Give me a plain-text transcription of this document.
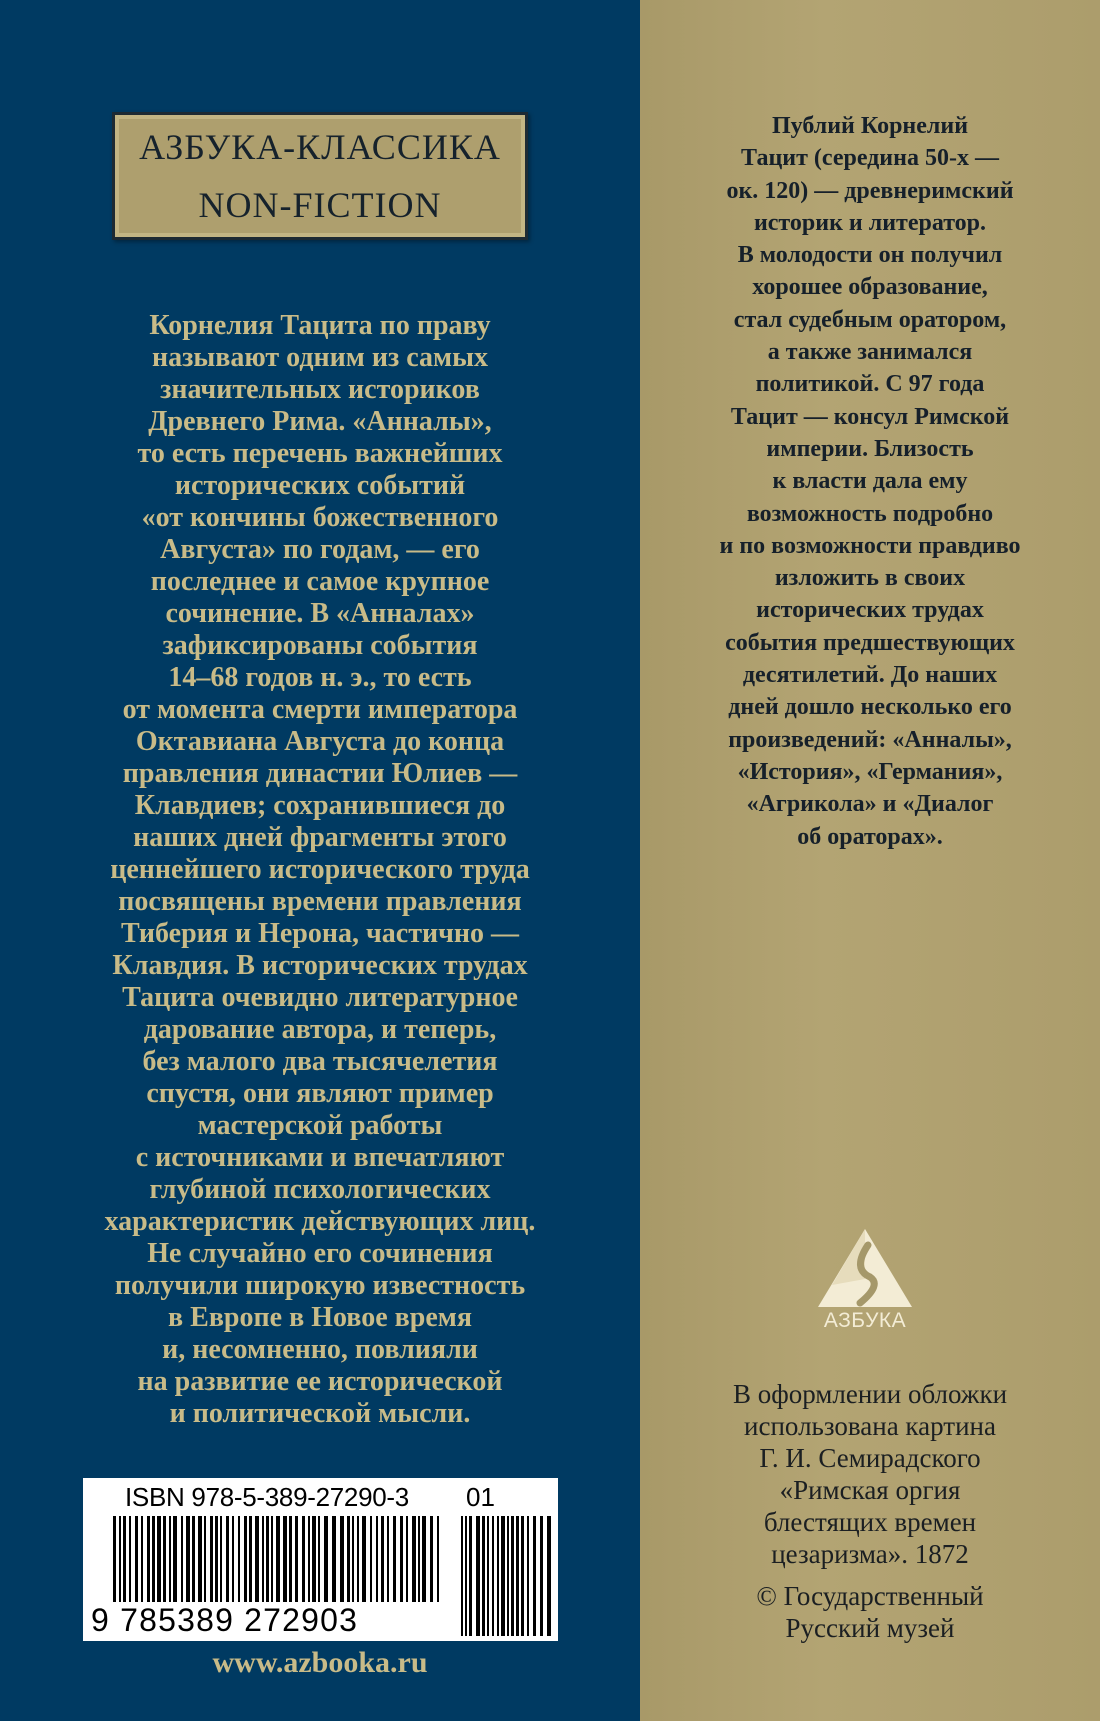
АЗБУКА-КЛАССИКА
NON-FICTION

Корнелия Тацита по праву
называют одним из самых
значительных историков
Древнего Рима. «Анналы»,
то есть перечень важнейших
исторических событий
«от кончины божественного
Августа» по годам, — его
последнее и самое крупное
сочинение. В «Анналах»
зафиксированы события
14–68 годов н. э., то есть
от момента смерти императора
Октавиана Августа до конца
правления династии Юлиев —
Клавдиев; сохранившиеся до
наших дней фрагменты этого
ценнейшего исторического труда
посвящены времени правления
Тиберия и Нерона, частично —
Клавдия. В исторических трудах
Тацита очевидно литературное
дарование автора, и теперь,
без малого два тысячелетия
спустя, они являют пример
мастерской работы
с источниками и впечатляют
глубиной психологических
характеристик действующих лиц.
Не случайно его сочинения
получили широкую известность
в Европе в Новое время
и, несомненно, повлияли
на развитие ее исторической
и политической мысли.

Публий Корнелий
Тацит (середина 50-х —
ок. 120) — древнеримский
историк и литератор.
В молодости он получил
хорошее образование,
стал судебным оратором,
а также занимался
политикой. С 97 года
Тацит — консул Римской
империи. Близость
к власти дала ему
возможность подробно
и по возможности правдиво
изложить в своих
исторических трудах
события предшествующих
десятилетий. До наших
дней дошло несколько его
произведений: «Анналы»,
«История», «Германия»,
«Агрикола» и «Диалог
об ораторах».

АЗБУКА
В оформлении обложки
использована картина
Г. И. Семирадского
«Римская оргия
блестящих времен
цезаризма». 1872
© Государственный
Русский музей
ISBN 978-5-389-27290-3 01
9 785389 272903
www.azbooka.ru
